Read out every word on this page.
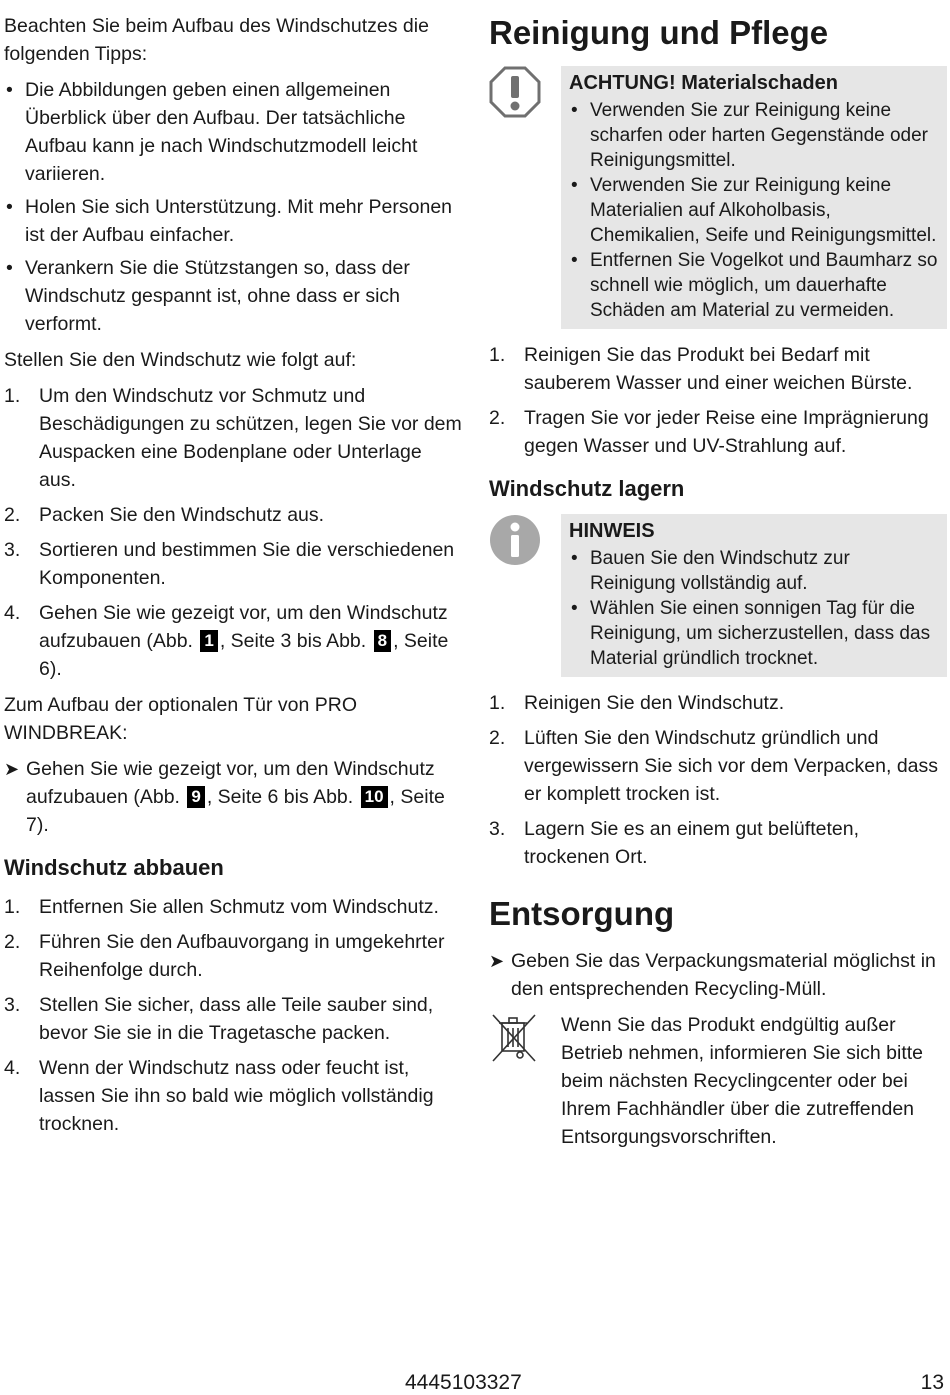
Beachten Sie beim Aufbau des Windschutzes die folgenden Tipps:

• Die Abbildungen geben einen allgemeinen Überblick über den Aufbau. Der tatsächliche Aufbau kann je nach Windschutzmodell leicht variieren.
• Holen Sie sich Unterstützung. Mit mehr Personen ist der Aufbau einfacher.
• Verankern Sie die Stützstangen so, dass der Windschutz gespannt ist, ohne dass er sich verformt.

Stellen Sie den Windschutz wie folgt auf:

1. Um den Windschutz vor Schmutz und Beschädigungen zu schützen, legen Sie vor dem Auspacken eine Bodenplane oder Unterlage aus.
2. Packen Sie den Windschutz aus.
3. Sortieren und bestimmen Sie die verschiedenen Komponenten.
4. Gehen Sie wie gezeigt vor, um den Windschutz aufzubauen (Abb. 1 , Seite 3 bis Abb. 8 , Seite 6).

Zum Aufbau der optionalen Tür von PRO WINDBREAK:

➤ Gehen Sie wie gezeigt vor, um den Windschutz aufzubauen (Abb. 9 , Seite 6 bis Abb. 10 , Seite 7).
Windschutz abbauen
1. Entfernen Sie allen Schmutz vom Windschutz.
2. Führen Sie den Aufbauvorgang in umgekehrter Reihenfolge durch.
3. Stellen Sie sicher, dass alle Teile sauber sind, bevor Sie sie in die Tragetasche packen.
4. Wenn der Windschutz nass oder feucht ist, lassen Sie ihn so bald wie möglich vollständig trocknen.
Reinigung und Pflege
ACHTUNG! Materialschaden
• Verwenden Sie zur Reinigung keine scharfen oder harten Gegenstände oder Reinigungsmittel.
• Verwenden Sie zur Reinigung keine Materialien auf Alkoholbasis, Chemikalien, Seife und Reinigungsmittel.
• Entfernen Sie Vogelkot und Baumharz so schnell wie möglich, um dauerhafte Schäden am Material zu vermeiden.
1. Reinigen Sie das Produkt bei Bedarf mit sauberem Wasser und einer weichen Bürste.
2. Tragen Sie vor jeder Reise eine Imprägnierung gegen Wasser und UV-Strahlung auf.
Windschutz lagern
HINWEIS
• Bauen Sie den Windschutz zur Reinigung vollständig auf.
• Wählen Sie einen sonnigen Tag für die Reinigung, um sicherzustellen, dass das Material gründlich trocknet.
1. Reinigen Sie den Windschutz.
2. Lüften Sie den Windschutz gründlich und vergewissern Sie sich vor dem Verpacken, dass er komplett trocken ist.
3. Lagern Sie es an einem gut belüfteten, trockenen Ort.
Entsorgung
➤ Geben Sie das Verpackungsmaterial möglichst in den entsprechenden Recycling-Müll.

Wenn Sie das Produkt endgültig außer Betrieb nehmen, informieren Sie sich bitte beim nächsten Recyclingcenter oder bei Ihrem Fachhändler über die zutreffenden Entsorgungsvorschriften.

4445103327	13
